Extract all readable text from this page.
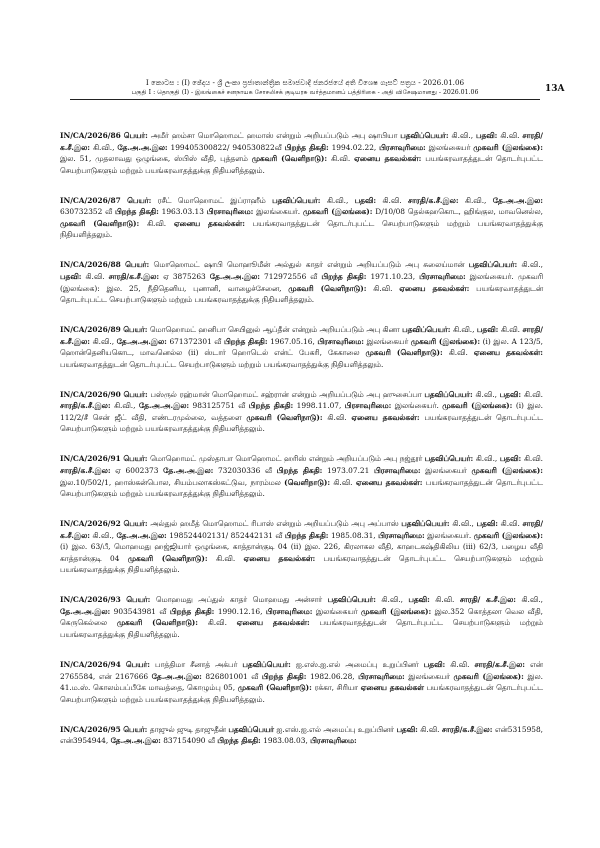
I කොටස : (I) ඡේදය - ශ්‍රී ලංකා ප්‍රජාතාන්ත්‍රික සමාජවාදී ජනරජයේ අති විශෙෂ ගැසට් පත්‍රය - 2026.01.06
பகுதி I : தொகுதி (I) - இலங்கைச் சனநாயக சோசலிசக் குடியரசு வர்த்தமானப் பத்திரிகை - அதி விசேஷமானது - 2026.01.06	13A

IN/CA/2026/86 பெயர்: அமீர் ஹம்சா மொஹொமட் ஹமாஸ் என்றும் அறியப்படும் அபு ஷாபியா பதவிப்பெயர்: கி.வி., பதவி: கி.வி. சாரதி/க.சீ.இல: கி.வி., தே.அ.அ.இல: 199405300822/ 940530822வீ பிறந்த திகதி: 1994.02.22, பிரசாவுரிமை: இலங்கையர் முகவரி (இலங்கை): இல. 51, முதலாவது ஒழுங்கை, ஸ்பிஸ் வீதி, புத்தளம் முகவரி (வெளிநாடு): கி.வி. ஏனைய தகவல்கள்: பயங்கரவாதத்துடன் தொடர்புபட்ட செயற்பாடுகளும் மற்றும் பயங்கரவாதத்துக்கு நிதியளித்தலும்.

IN/CA/2026/87 பெயர்: ரசீட் மொஹொமட் இப்ராஹீம் பதவிப்பெயர்: கி.வி., பதவி: கி.வி. சாரதி/க.சீ.இல: கி.வி., தே.அ.அ.இல: 630732352 வீ பிறந்த திகதி: 1963.03.13 பிரசாவுரிமை: இலங்கையர். முகவரி (இலங்கை): D/10/08 தெல்கஹகொட, ஹிங்குல, மாவனெல்ல, முகவரி (வெளிநாடு): கி.வி. ஏனைய தகவல்கள்: பயங்கரவாதத்துடன் தொடர்புபட்ட செயற்பாடுகளும் மற்றும் பயங்கரவாதத்துக்கு நிதியளித்தலும்.

IN/CA/2026/88 பெயர்: மொஹொமட் ஷாபி மொஹூமீன் அல்துல் காதர் என்றும் அறியப்படும் அபு சுலைய்மான் பதவிப்பெயர்: கி.வி., பதவி: கி.வி. சாரதி/க.சீ.இல: ஏ 3875263 தே.அ.அ.இல: 712972556 வீ பிறந்த திகதி: 1971.10.23, பிரசாவுரிமை: இலங்கையர். முகவரி (இலங்கை): இல. 25, நீதிதெனிய, புனானி, வாழைச்சேனை, முகவரி (வெளிநாடு): கி.வி. ஏனைய தகவல்கள்: பயங்கரவாதத்துடன் தொடர்புபட்ட செயற்பாடுகளும் மற்றும் பயங்கரவாதத்துக்கு நிதியளித்தலும்.

IN/CA/2026/89 பெயர்: மொஹொமட் ஹனிபா செயினுல் ஆப்தீன் என்றும் அறியப்படும் அபு கினா பதவிப்பெயர்: கி.வி., பதவி: கி.வி. சாரதி/க.சீ.இல: கி.வி., தே.அ.அ.இல: 671372301 வீ பிறந்த திகதி: 1967.05.16, பிரசாவுரிமை: இலங்கையர் முகவரி (இலங்கை): (i) இல. A 123/5, ஹொன்தெனியகொட, மாவனெல்ல (ii) ஸ்டார் ஹொடெல் என்ட் பேகரி, கேகாலை முகவரி (வெளிநாடு): கி.வி. ஏனைய தகவல்கள்: பயங்கரவாதத்துடன் தொடர்புபட்ட செயற்பாடுகளும் மற்றும் பயங்கரவாதத்துக்கு நிதியளித்தலும்.

IN/CA/2026/90 பெயர்: பஸ்ருல் ரஹ்மான் மொஹொமட் சஹ்ரான் என்றும் அறியப்படும் அபு ஹுசைப்பா பதவிப்பெயர்: கி.வி., பதவி: கி.வி. சாரதி/க.சீ.இல: கி.வி., தே.அ.அ.இல: 983125751 வீ பிறந்த திகதி: 1998.11.07, பிரசாவுரிமை: இலங்கையர். முகவரி (இலங்கை): (i) இல. 112/2/சீ சென் ஜீட் வீதி, எண்டரமுல்லை, வத்தளை முகவரி (வெளிநாடு): கி.வி. ஏனைய தகவல்கள்: பயங்கரவாதத்துடன் தொடர்புபட்ட செயற்பாடுகளும் மற்றும் பயங்கரவாதத்துக்கு நிதியளித்தலும்.

IN/CA/2026/91 பெயர்: மொஹொமட் முஸ்தாபா மொஹொமட் ஹரிஸ் என்றும் அறியப்படும் அபு நஜ்தூர் பதவிப்பெயர்: கி.வி., பதவி: கி.வி. சாரதி/க.சீ.இல: ஏ 6002373 தே.அ.அ.இல: 732030336 வீ பிறந்த திகதி: 1973.07.21 பிரசாவுரிமை: இலங்கையர் முகவரி (இலங்கை): இல.10/502/1, ஹாஸ்கன்பொல, சியம்பலாகஸ்கட்டுவ, நாரம்மல (வெளிநாடு): கி.வி. ஏனைய தகவல்கள்: பயங்கரவாதத்துடன் தொடர்புபட்ட செயற்பாடுகளும் மற்றும் பயங்கரவாதத்துக்கு நிதியளித்தலும்.

IN/CA/2026/92 பெயர்: அல்துல் ஹமீத் மொஹொமட் ரிபாஸ் என்றும் அறியப்படும் அபு அப்பாஸ் பதவிப்பெயர்: கி.வி., பதவி: கி.வி. சாரதி/க.சீ.இல: கி.வி., தே.அ.அ.இல: 198524402131/ 852442131 வீ பிறந்த திகதி: 1985.08.31, பிரசாவுரிமை: இலங்கையர். முகவரி (இலங்கை): (i) இல. 63/பீ, மொஹமது ஹஜ்ஜியார் ஒழுங்கை, காத்தான்குடி 04 (ii) இல. 226, கிரலாகல வீதி, காஹடகஷ்திகிலிய (iii) 62/3, பழைய வீதி காத்தான்குடி 04 முகவரி (வெளிநாடு): கி.வி. ஏனைய தகவல்கள்: பயங்கரவாதத்துடன் தொடர்புபட்ட செயற்பாடுகளும் மற்றும் பயங்கரவாதத்துக்கு நிதியளித்தலும்.

IN/CA/2026/93 பெயர்: மொஹமது அப்துல் காதர் மொஹமது அன்சார் பதவிப்பெயர்: கி.வி., பதவி: கி.வி. சாரதி/ க.சீ.இல: கி.வி., தே.அ.அ.இல: 903543981 வீ பிறந்த திகதி: 1990.12.16, பிரசாவுரிமை: இலங்கையர் முகவரி (இலங்கை): இல.352 கொத்தலா வெல வீதி, கெருகெல்லை முகவரி (வெளிநாடு): கி.வி. ஏனைய தகவல்கள்: பயங்கரவாதத்துடன் தொடர்புபட்ட செயற்பாடுகளும் மற்றும் பயங்கரவாதத்துக்கு நிதியளித்தலும்.

IN/CA/2026/94 பெயர்: பாத்திமா சீனாத் அக்பர் பதவிப்பெயர்: ஐ.எஸ்.ஐ.எல் அமைப்பு உறுப்பினர் பதவி: கி.வி. சாரதி/க.சீ.இல: என் 2765584, என் 2167666 தே.அ.அ.இல: 826801001 வீ பிறந்த திகதி: 1982.06.28, பிரசாவுரிமை: இலங்கையர் முகவரி (இலங்கை): இல. 41.ம.ஸ். கொலம்பப்பீகே மாவத்தை, கொழும்பு 05, முகவரி (வெளிநாடு): ரக்கா, சிரியா ஏனைய தகவல்கள் பயங்கரவாதத்துடன் தொடர்புபட்ட செயற்பாடுகளும் மற்றும் பயங்கரவாதத்துக்கு நிதியளித்தலும்.

IN/CA/2026/95 பெயர்: தாஜுல் ஜுடி தாஜுதீன் பதவிப்பெயர் ஐ.எஸ்.ஐ.எல் அமைப்பு உறுப்பினர் பதவி: கி.வி. சாரதி/க.சீ.இல: என்5315958, என்3954944, தே.அ.அ.இல: 837154090 வீ பிறந்த திகதி: 1983.08.03, பிரசாவுரிமை:
